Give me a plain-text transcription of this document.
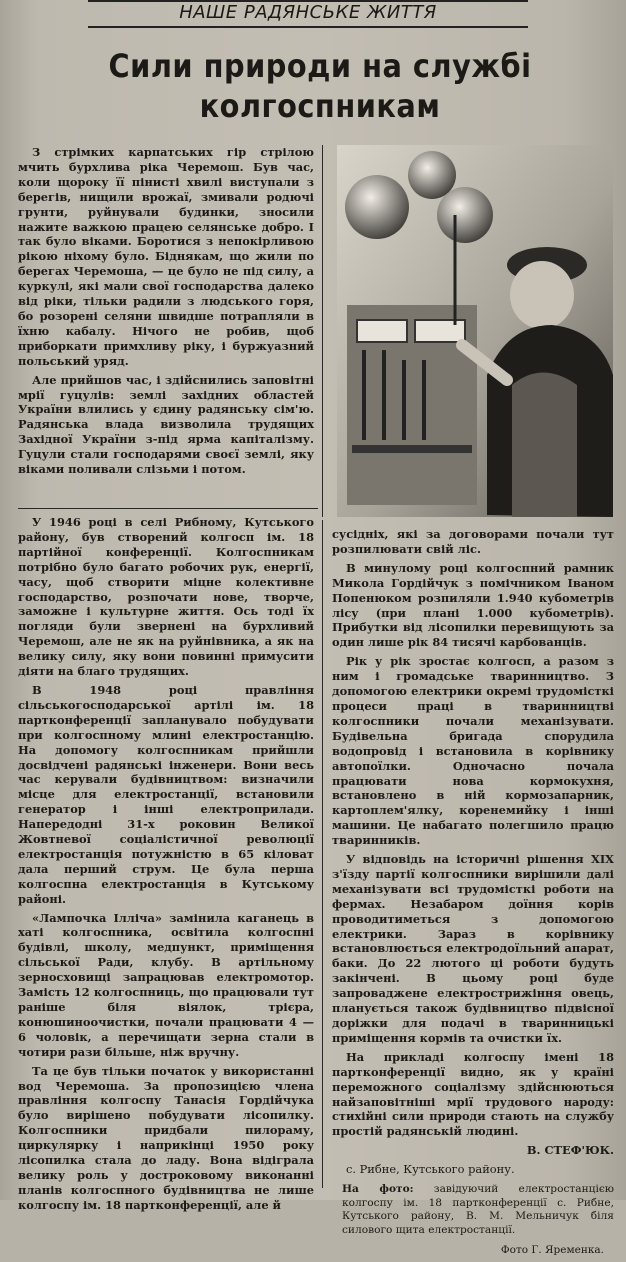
НАШЕ РАДЯНСЬКЕ ЖИТТЯ
Сили природи на службі
колгоспникам

З стрімких карпатських гір стрілою мчить бурхлива ріка Черемош. Був час, коли щороку її пінисті хвилі виступали з берегів, нищили врожаї, змивали родючі грунти, руйнували будинки, зносили нажите важкою працею селянське добро. І так було віками. Боротися з непокірливою рікою ніхому було. Біднякам, що жили по берегах Черемоша, — це було не під силу, а куркулі, які мали свої господарства далеко від ріки, тільки радили з людського горя, бо розорені селяни швидше потрапляли в їхню кабалу. Нічого не робив, щоб приборкати примхливу ріку, і буржуазний польський уряд.

Але прийшов час, і здійснились заповітні мрії гуцулів: землі західних областей України влились у єдину радянську сім'ю. Радянська влада визволила трудящих Західної України з-під ярма капіталізму. Гуцули стали господарями своєї землі, яку віками поливали слізьми і потом.

У 1946 році в селі Рибному, Кутського району, був створений колгосп ім. 18 партійної конференції. Колгоспникам потрібно було багато робочих рук, енергії, часу, щоб створити міцне колективне господарство, розпочати нове, творче, заможне і культурне життя. Ось тоді їх погляди були звернені на бурхливий Черемош, але не як на руйнівника, а як на велику силу, яку вони повинні примусити діяти на благо трудящих.

В 1948 році правління сільськогосподарської артілі ім. 18 партконференції запланувало побудувати при колгоспному млині електростанцію. На допомогу колгоспникам прийшли досвідчені радянські інженери. Вони весь час керували будівництвом: визначили місце для електростанції, встановили генератор і інші електроприлади. Напередодні 31-х роковин Великої Жовтневої соціалістичної революції електростанція потужністю в 65 кіловат дала перший струм. Це була перша колгоспна електростанція в Кутському районі.

«Лампочка Ілліча» замінила каганець в хаті колгоспника, освітила колгоспні будівлі, школу, медпункт, приміщення сільської Ради, клубу. В артільному зерносховищі запрацював електромотор. Замість 12 колгоспниць, що працювали тут раніше біля віялок, трієра, конюшиноочистки, почали працювати 4 — 6 чоловік, а перечищати зерна стали в чотири рази більше, ніж вручну.

Та це був тільки початок у використанні вод Черемоша. За пропозицією члена правління колгоспу Танасія Гордійчука було вирішено побудувати лісопилку. Колгоспники придбали пилораму, циркулярку і наприкінці 1950 року лісопилка стала до ладу. Вона відіграла велику роль у достроковому виконанні планів колгоспного будівництва не лише колгоспу ім. 18 партконференції, але й

сусідніх, які за договорами почали тут розпилювати свій ліс.

В минулому році колгоспний рамник Микола Гордійчук з помічником Іваном Попенюком розпиляли 1.940 кубометрів лісу (при плані 1.000 кубометрів). Прибутки від лісопилки перевищують за один лише рік 84 тисячі карбованців.

Рік у рік зростає колгосп, а разом з ним і громадське тваринництво. З допомогою електрики окремі трудомісткі процеси праці в тваринництві колгоспники почали механізувати. Будівельна бригада спорудила водопровід і встановила в корівнику автопоїлки. Одночасно почала працювати нова кормокухня, встановлено в ній кормозапарник, картоплем'ялку, коренемийку і інші машини. Це набагато полегшило працю тваринників.

У відповідь на історичні рішення XIX з'їзду партії колгоспники вирішили далі механізувати всі трудомісткі роботи на фермах. Незабаром доїння корів проводитиметься з допомогою електрики. Зараз в корівнику встановлюється електродоїльний апарат, баки. До 22 лютого ці роботи будуть закінчені. В цьому році буде запроваджене електрострижіння овець, планується також будівництво підвісної доріжки для подачі в тваринницькі приміщення кормів та очистки їх.

На прикладі колгоспу імені 18 партконференції видно, як у країні переможного соціалізму здійснюються найзаповітніші мрії трудового народу: стихійні сили природи стають на службу простій радянській людині.

В. СТЕФ'ЮК.

с. Рибне, Кутського району.

На фото: завідуючий електростанцією колгоспу ім. 18 партконференції с. Рибне, Кутського району, В. М. Мельничук біля силового щита електростанції.

Фото Г. Яременка.
